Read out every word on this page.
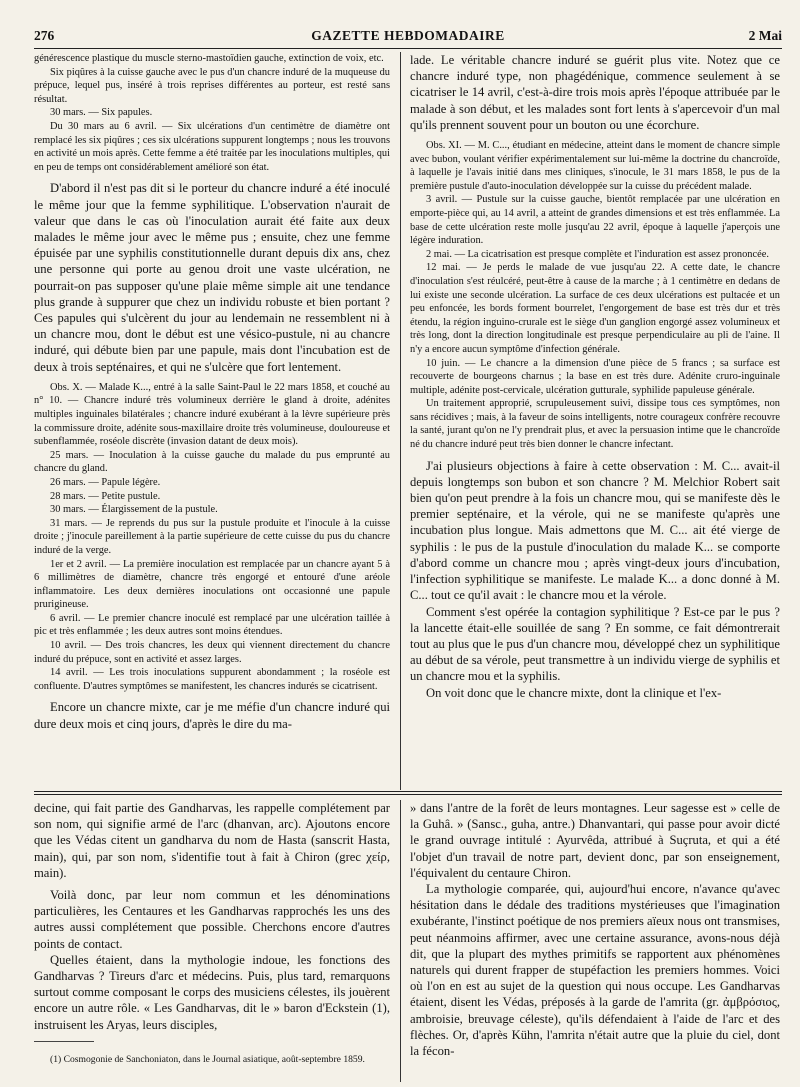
276	GAZETTE HEBDOMADAIRE	2 Mai

générescence plastique du muscle sterno-mastoïdien gauche, extinction de voix, etc.

Six piqûres à la cuisse gauche avec le pus d'un chancre induré de la muqueuse du prépuce, lequel pus, inséré à trois reprises différentes au porteur, est resté sans résultat.

30 mars. — Six papules.

Du 30 mars au 6 avril. — Six ulcérations d'un centimètre de diamètre ont remplacé les six piqûres ; ces six ulcérations suppurent longtemps ; nous les trouvons en activité un mois après. Cette femme a été traitée par les inoculations multiples, qui en peu de temps ont considérablement amélioré son état.

D'abord il n'est pas dit si le porteur du chancre induré a été inoculé le même jour que la femme syphilitique. L'observation n'aurait de valeur que dans le cas où l'inoculation aurait été faite aux deux malades le même jour avec le même pus ; ensuite, chez une femme épuisée par une syphilis constitutionnelle durant depuis dix ans, chez une personne qui porte au genou droit une vaste ulcération, ne pourrait-on pas supposer qu'une plaie même simple ait une tendance plus grande à suppurer que chez un individu robuste et bien portant ? Ces papules qui s'ulcèrent du jour au lendemain ne ressemblent ni à un chancre mou, dont le début est une vésico-pustule, ni au chancre induré, qui débute bien par une papule, mais dont l'incubation est de deux à trois septénaires, et qui ne s'ulcère que fort lentement.

Obs. X. — Malade K..., entré à la salle Saint-Paul le 22 mars 1858, et couché au n° 10. — Chancre induré très volumineux derrière le gland à droite, adénites multiples inguinales bilatérales ; chancre induré exubérant à la lèvre supérieure près la commissure droite, adénite sous-maxillaire droite très volumineuse, douloureuse et subenflammée, roséole discrète (invasion datant de deux mois).

25 mars. — Inoculation à la cuisse gauche du malade du pus emprunté au chancre du gland.

26 mars. — Papule légère.

28 mars. — Petite pustule.

30 mars. — Élargissement de la pustule.

31 mars. — Je reprends du pus sur la pustule produite et l'inocule à la cuisse droite ; j'inocule pareillement à la partie supérieure de cette cuisse du pus du chancre induré de la verge.

1er et 2 avril. — La première inoculation est remplacée par un chancre ayant 5 à 6 millimètres de diamètre, chancre très engorgé et entouré d'une aréole inflammatoire. Les deux dernières inoculations ont occasionné une papule prurigineuse.

6 avril. — Le premier chancre inoculé est remplacé par une ulcération taillée à pic et très enflammée ; les deux autres sont moins étendues.

10 avril. — Des trois chancres, les deux qui viennent directement du chancre induré du prépuce, sont en activité et assez larges.

14 avril. — Les trois inoculations suppurent abondamment ; la roséole est confluente. D'autres symptômes se manifestent, les chancres indurés se cicatrisent.

Encore un chancre mixte, car je me méfie d'un chancre induré qui dure deux mois et cinq jours, d'après le dire du ma-

lade. Le véritable chancre induré se guérit plus vite. Notez que ce chancre induré type, non phagédénique, commence seulement à se cicatriser le 14 avril, c'est-à-dire trois mois après l'époque attribuée par le malade à son début, et les malades sont fort lents à s'apercevoir d'un mal qu'ils prennent souvent pour un bouton ou une écorchure.

Obs. XI. — M. C..., étudiant en médecine, atteint dans le moment de chancre simple avec bubon, voulant vérifier expérimentalement sur lui-même la doctrine du chancroïde, à laquelle je l'avais initié dans mes cliniques, s'inocule, le 31 mars 1858, le pus de la première pustule d'auto-inoculation développée sur la cuisse du précédent malade.

3 avril. — Pustule sur la cuisse gauche, bientôt remplacée par une ulcération en emporte-pièce qui, au 14 avril, a atteint de grandes dimensions et est très enflammée. La base de cette ulcération reste molle jusqu'au 22 avril, époque à laquelle j'aperçois une légère induration.

2 mai. — La cicatrisation est presque complète et l'induration est assez prononcée.

12 mai. — Je perds le malade de vue jusqu'au 22. A cette date, le chancre d'inoculation s'est réulcéré, peut-être à cause de la marche ; à 1 centimètre en dedans de lui existe une seconde ulcération. La surface de ces deux ulcérations est pultacée et un peu enfoncée, les bords forment bourrelet, l'engorgement de base est très dur et très étendu, la région inguino-crurale est le siège d'un ganglion engorgé assez volumineux et très long, dont la direction longitudinale est presque perpendiculaire au pli de l'aine. Il n'y a encore aucun symptôme d'infection générale.

10 juin. — Le chancre a la dimension d'une pièce de 5 francs ; sa surface est recouverte de bourgeons charnus ; la base en est très dure. Adénite cruro-inguinale multiple, adénite post-cervicale, ulcération gutturale, syphilide papuleuse générale.

Un traitement approprié, scrupuleusement suivi, dissipe tous ces symptômes, non sans récidives ; mais, à la faveur de soins intelligents, notre courageux confrère recouvre la santé, jurant qu'on ne l'y prendrait plus, et avec la persuasion intime que le chancroïde né du chancre induré peut très bien donner le chancre infectant.

J'ai plusieurs objections à faire à cette observation : M. C... avait-il depuis longtemps son bubon et son chancre ? M. Melchior Robert sait bien qu'on peut prendre à la fois un chancre mou, qui se manifeste dès le premier septénaire, et la vérole, qui ne se manifeste qu'après une incubation plus longue. Mais admettons que M. C... ait été vierge de syphilis : le pus de la pustule d'inoculation du malade K... se comporte d'abord comme un chancre mou ; après vingt-deux jours d'incubation, l'infection syphilitique se manifeste. Le malade K... a donc donné à M. C... tout ce qu'il avait : le chancre mou et la vérole.

Comment s'est opérée la contagion syphilitique ? Est-ce par le pus ? la lancette était-elle souillée de sang ? En somme, ce fait démontrerait tout au plus que le pus d'un chancre mou, développé chez un syphilitique au début de sa vérole, peut transmettre à un individu vierge de syphilis et un chancre mou et la syphilis.

On voit donc que le chancre mixte, dont la clinique et l'ex-

decine, qui fait partie des Gandharvas, les rappelle complétement par son nom, qui signifie armé de l'arc (dhanvan, arc). Ajoutons encore que les Védas citent un gandharva du nom de Hasta (sanscrit Hasta, main), qui, par son nom, s'identifie tout à fait à Chiron (grec χείρ, main).

Voilà donc, par leur nom commun et les dénominations particulières, les Centaures et les Gandharvas rapprochés les uns des autres aussi complétement que possible. Cherchons encore d'autres points de contact.

Quelles étaient, dans la mythologie indoue, les fonctions des Gandharvas ? Tireurs d'arc et médecins. Puis, plus tard, remarquons surtout comme composant le corps des musiciens célestes, ils jouèrent encore un autre rôle. « Les Gandharvas, dit le » baron d'Eckstein (1), instruisent les Aryas, leurs disciples,

(1) Cosmogonie de Sanchoniaton, dans le Journal asiatique, août-septembre 1859.

» dans l'antre de la forêt de leurs montagnes. Leur sagesse est » celle de la Guhâ. » (Sansc., guha, antre.) Dhanvantari, qui passe pour avoir dicté le grand ouvrage intitulé : Ayurvêda, attribué à Suçruta, et qui a été l'objet d'un travail de notre part, devient donc, par son enseignement, l'équivalent du centaure Chiron.

La mythologie comparée, qui, aujourd'hui encore, n'avance qu'avec hésitation dans le dédale des traditions mystérieuses que l'imagination exubérante, l'instinct poétique de nos premiers aïeux nous ont transmises, peut néanmoins affirmer, avec une certaine assurance, avons-nous déjà dit, que la plupart des mythes primitifs se rapportent aux phénomènes naturels qui durent frapper de stupéfaction les premiers hommes. Voici où l'on en est au sujet de la question qui nous occupe. Les Gandharvas étaient, disent les Védas, préposés à la garde de l'amrita (gr. ἀμβρόσιος, ambroisie, breuvage céleste), qu'ils défendaient à l'aide de l'arc et des flèches. Or, d'après Kühn, l'amrita n'était autre que la pluie du ciel, dont la fécon-
